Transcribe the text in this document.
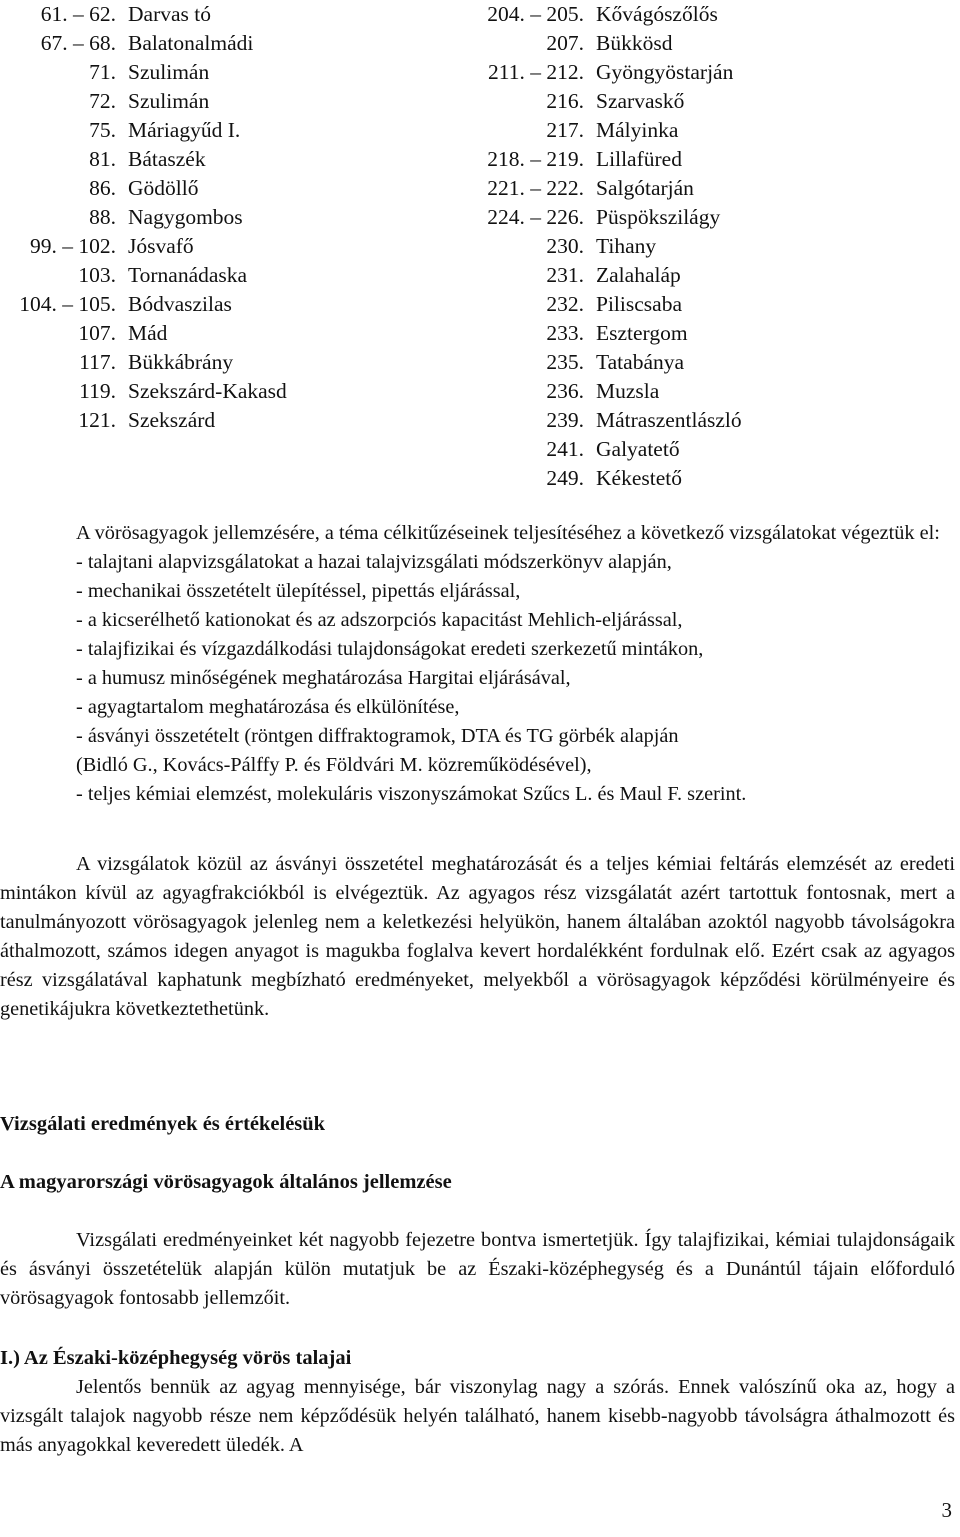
61. – 62. Darvas tó
67. – 68. Balatonalmádi
71. Szulimán
72. Szulimán
75. Máriagyűd I.
81. Bátaszék
86. Gödöllő
88. Nagygombos
99. – 102. Jósvafő
103. Tornanádaska
104. – 105. Bódvaszilas
107. Mád
117. Bükkábrány
119. Szekszárd-Kakasd
121. Szekszárd
204. – 205. Kővágószőlős
207. Bükkösd
211. – 212. Gyöngyöstarján
216. Szarvaskő
217. Mályinka
218. – 219. Lillafüred
221. – 222. Salgótarján
224. – 226. Püspökszilágy
230. Tihany
231. Zalahaláp
232. Piliscsaba
233. Esztergom
235. Tatabánya
236. Muzsla
239. Mátraszentlászló
241. Galyatető
249. Kékestető

A vörösagyagok jellemzésére, a téma célkitűzéseinek teljesítéséhez a következő vizsgálatokat végeztük el:

- talajtani alapvizsgálatokat a hazai talajvizsgálati módszerkönyv alapján,
- mechanikai összetételt ülepítéssel, pipettás eljárással,
- a kicserélhető kationokat és az adszorpciós kapacitást Mehlich-eljárással,
- talajfizikai és vízgazdálkodási tulajdonságokat eredeti szerkezetű mintákon,
- a humusz minőségének meghatározása Hargitai eljárásával,
- agyagtartalom meghatározása és elkülönítése,
- ásványi összetételt (röntgen diffraktogramok, DTA és TG görbék alapján
(Bidló G., Kovács-Pálffy P. és Földvári M. közreműködésével),
- teljes kémiai elemzést, molekuláris viszonyszámokat Szűcs L. és Maul F. szerint.

A vizsgálatok közül az ásványi összetétel meghatározását és a teljes kémiai feltárás elemzését az eredeti mintákon kívül az agyagfrakciókból is elvégeztük. Az agyagos rész vizsgálatát azért tartottuk fontosnak, mert a tanulmányozott vörösagyagok jelenleg nem a keletkezési helyükön, hanem általában azoktól nagyobb távolságokra áthalmozott, számos idegen anyagot is magukba foglalva kevert hordalékként fordulnak elő. Ezért csak az agyagos rész vizsgálatával kaphatunk megbízható eredményeket, melyekből a vörösagyagok képződési körülményeire és genetikájukra következtethetünk.

Vizsgálati eredmények és értékelésük
A magyarországi vörösagyagok általános jellemzése

Vizsgálati eredményeinket két nagyobb fejezetre bontva ismertetjük. Így talajfizikai, kémiai tulajdonságaik és ásványi összetételük alapján külön mutatjuk be az Északi-középhegység és a Dunántúl tájain előforduló vörösagyagok fontosabb jellemzőit.

I.) Az Északi-középhegység vörös talajai

Jelentős bennük az agyag mennyisége, bár viszonylag nagy a szórás. Ennek valószínű oka az, hogy a vizsgált talajok nagyobb része nem képződésük helyén található, hanem kisebb-nagyobb távolságra áthalmozott és más anyagokkal keveredett üledék. A

3
